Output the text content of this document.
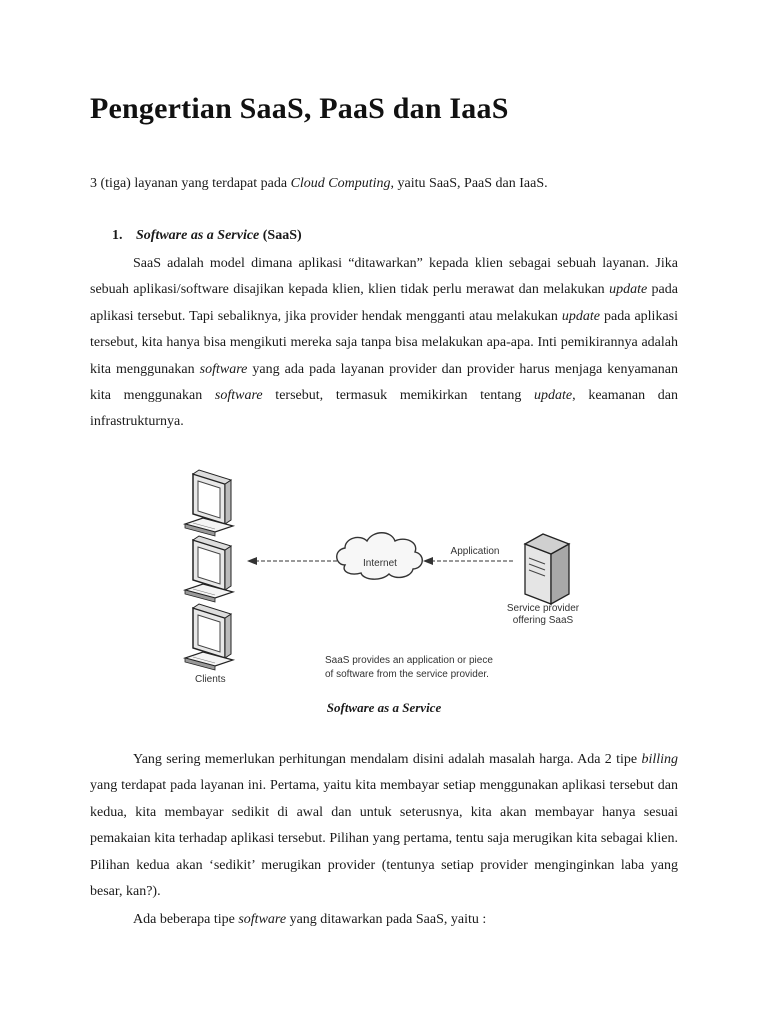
Pengertian SaaS, PaaS dan IaaS

3 (tiga) layanan yang terdapat pada Cloud Computing, yaitu SaaS, PaaS dan IaaS.

1. Software as a Service (SaaS)

SaaS adalah model dimana aplikasi “ditawarkan” kepada klien sebagai sebuah layanan. Jika sebuah aplikasi/software disajikan kepada klien, klien tidak perlu merawat dan melakukan update pada aplikasi tersebut. Tapi sebaliknya, jika provider hendak mengganti atau melakukan update pada aplikasi tersebut, kita hanya bisa mengikuti mereka saja tanpa bisa melakukan apa-apa. Inti pemikirannya adalah kita menggunakan software yang ada pada layanan provider dan provider harus menjaga kenyamanan kita menggunakan software tersebut, termasuk memikirkan tentang update, keamanan dan infrastrukturnya.

Internet
Application
Service provider
offering SaaS
SaaS provides an application or piece
of software from the service provider.
Clients

Software as a Service

Yang sering memerlukan perhitungan mendalam disini adalah masalah harga. Ada 2 tipe billing yang terdapat pada layanan ini. Pertama, yaitu kita membayar setiap menggunakan aplikasi tersebut dan kedua, kita membayar sedikit di awal dan untuk seterusnya, kita akan membayar hanya sesuai pemakaian kita terhadap aplikasi tersebut. Pilihan yang pertama, tentu saja merugikan kita sebagai klien. Pilihan kedua akan ‘sedikit’ merugikan provider (tentunya setiap provider menginginkan laba yang besar, kan?).

Ada beberapa tipe software yang ditawarkan pada SaaS, yaitu :
